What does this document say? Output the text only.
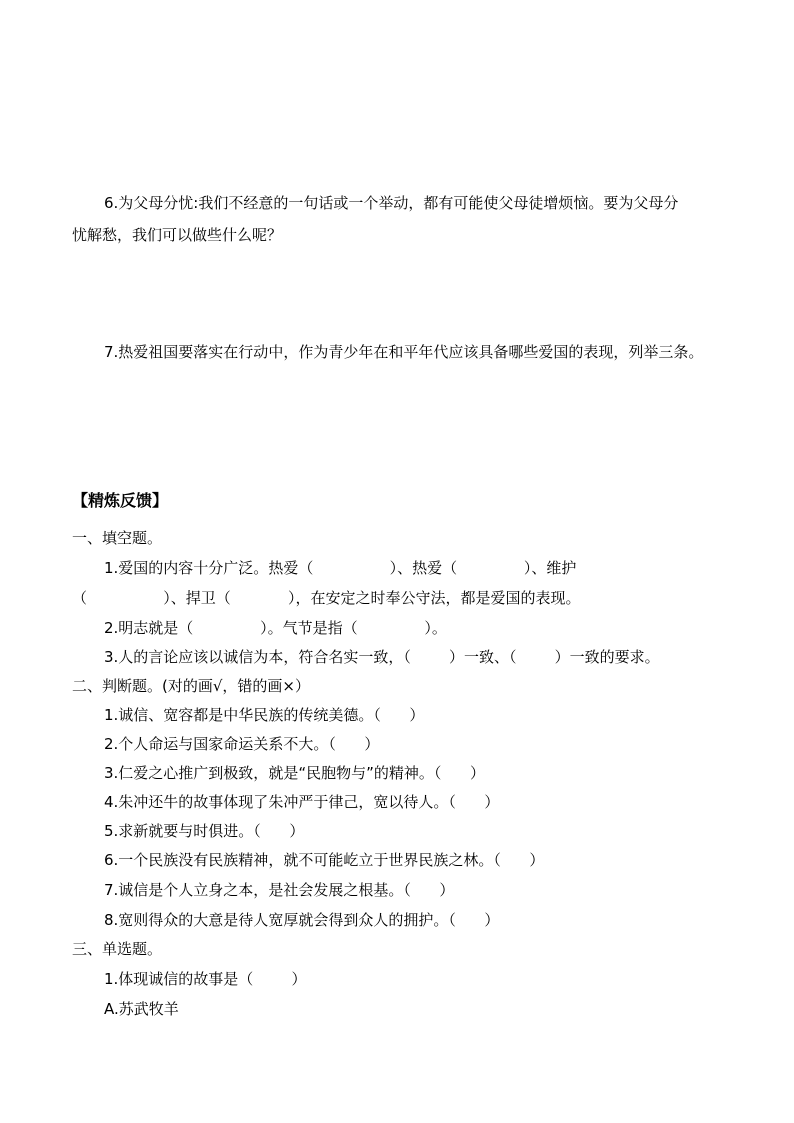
6.为父母分忧:我们不经意的一句话或一个举动，都有可能使父母徒增烦恼。要为父母分
忧解愁，我们可以做些什么呢？
7.热爱祖国要落实在行动中，作为青少年在和平年代应该具备哪些爱国的表现，列举三条。
【精炼反馈】
一、填空题。
1.爱国的内容十分广泛。热爱（                ）、热爱（              ）、维护
（                ）、捍卫（            ），在安定之时奉公守法，都是爱国的表现。
2.明志就是（              ）。气节是指（              ）。
3.人的言论应该以诚信为本，符合名实一致，（        ）一致、（        ）一致的要求。
二、判断题。(对的画√，错的画×）
1.诚信、宽容都是中华民族的传统美德。（      ）
2.个人命运与国家命运关系不大。（      ）
3.仁爱之心推广到极致，就是“民胞物与”的精神。（      ）
4.朱冲还牛的故事体现了朱冲严于律己，宽以待人。（      ）
5.求新就要与时俱进。（      ）
6.一个民族没有民族精神，就不可能屹立于世界民族之林。（      ）
7.诚信是个人立身之本，是社会发展之根基。（      ）
8.宽则得众的大意是待人宽厚就会得到众人的拥护。（      ）
三、单选题。
1.体现诚信的故事是（        ）
A.苏武牧羊
